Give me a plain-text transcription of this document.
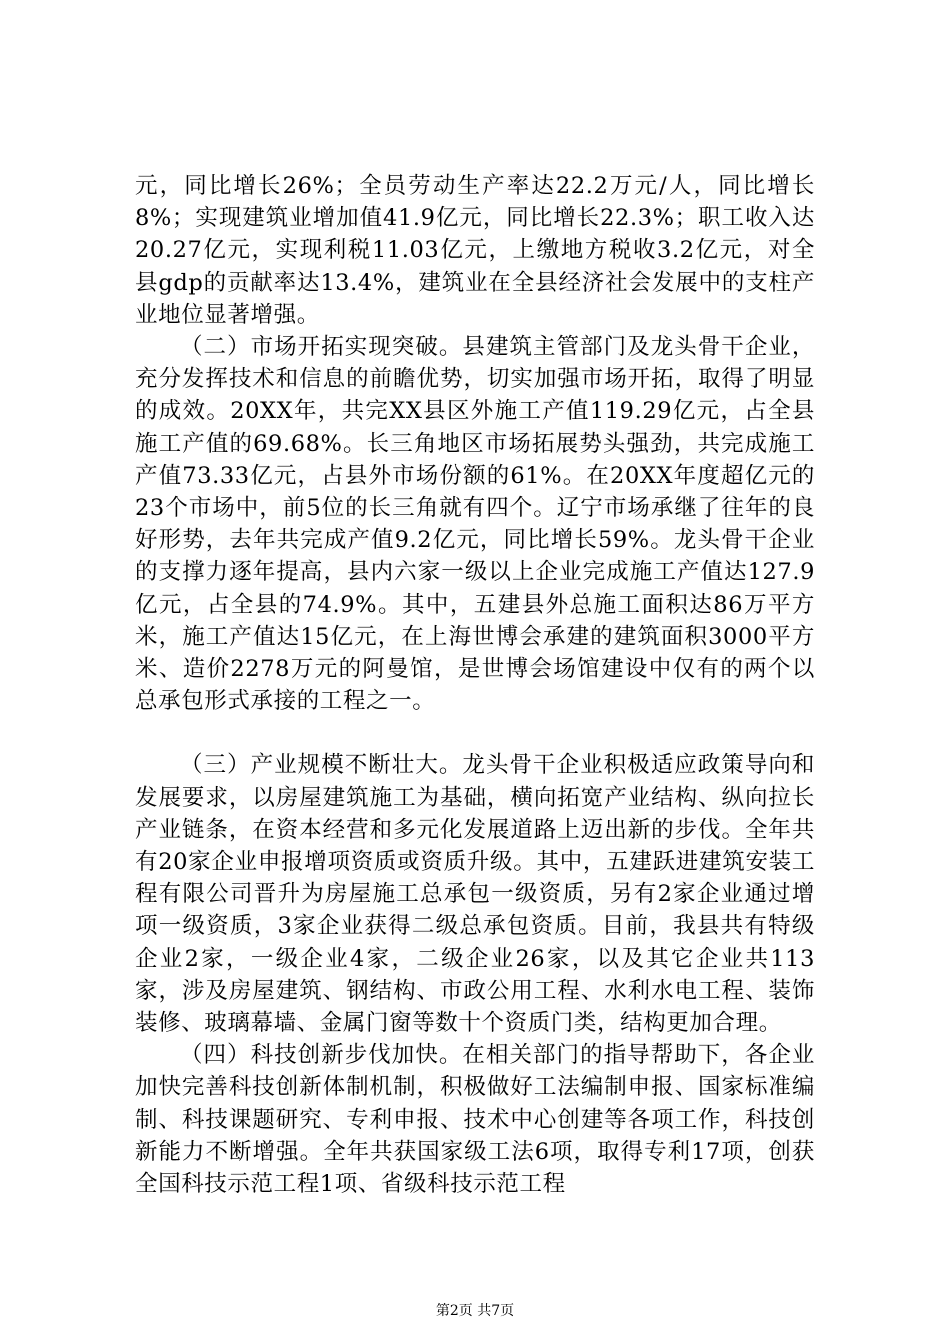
元，同比增长26%；全员劳动生产率达22.2万元/人，同比增长8%；实现建筑业增加值41.9亿元，同比增长22.3%；职工收入达20.27亿元，实现利税11.03亿元，上缴地方税收3.2亿元，对全县gdp的贡献率达13.4%，建筑业在全县经济社会发展中的支柱产业地位显著增强。

（二）市场开拓实现突破。县建筑主管部门及龙头骨干企业，充分发挥技术和信息的前瞻优势，切实加强市场开拓，取得了明显的成效。20XX年，共完XX县区外施工产值119.29亿元，占全县施工产值的69.68%。长三角地区市场拓展势头强劲，共完成施工产值73.33亿元，占县外市场份额的61%。在20XX年度超亿元的23个市场中，前5位的长三角就有四个。辽宁市场承继了往年的良好形势，去年共完成产值9.2亿元，同比增长59%。龙头骨干企业的支撑力逐年提高，县内六家一级以上企业完成施工产值达127.9亿元，占全县的74.9%。其中，五建县外总施工面积达86万平方米，施工产值达15亿元，在上海世博会承建的建筑面积3000平方米、造价2278万元的阿曼馆，是世博会场馆建设中仅有的两个以总承包形式承接的工程之一。

（三）产业规模不断壮大。龙头骨干企业积极适应政策导向和发展要求，以房屋建筑施工为基础，横向拓宽产业结构、纵向拉长产业链条，在资本经营和多元化发展道路上迈出新的步伐。全年共有20家企业申报增项资质或资质升级。其中，五建跃进建筑安装工程有限公司晋升为房屋施工总承包一级资质，另有2家企业通过增项一级资质，3家企业获得二级总承包资质。目前，我县共有特级企业2家，一级企业4家，二级企业26家，以及其它企业共113家，涉及房屋建筑、钢结构、市政公用工程、水利水电工程、装饰装修、玻璃幕墙、金属门窗等数十个资质门类，结构更加合理。

（四）科技创新步伐加快。在相关部门的指导帮助下，各企业加快完善科技创新体制机制，积极做好工法编制申报、国家标准编制、科技课题研究、专利申报、技术中心创建等各项工作，科技创新能力不断增强。全年共获国家级工法6项，取得专利17项，创获全国科技示范工程1项、省级科技示范工程

第2页 共7页
